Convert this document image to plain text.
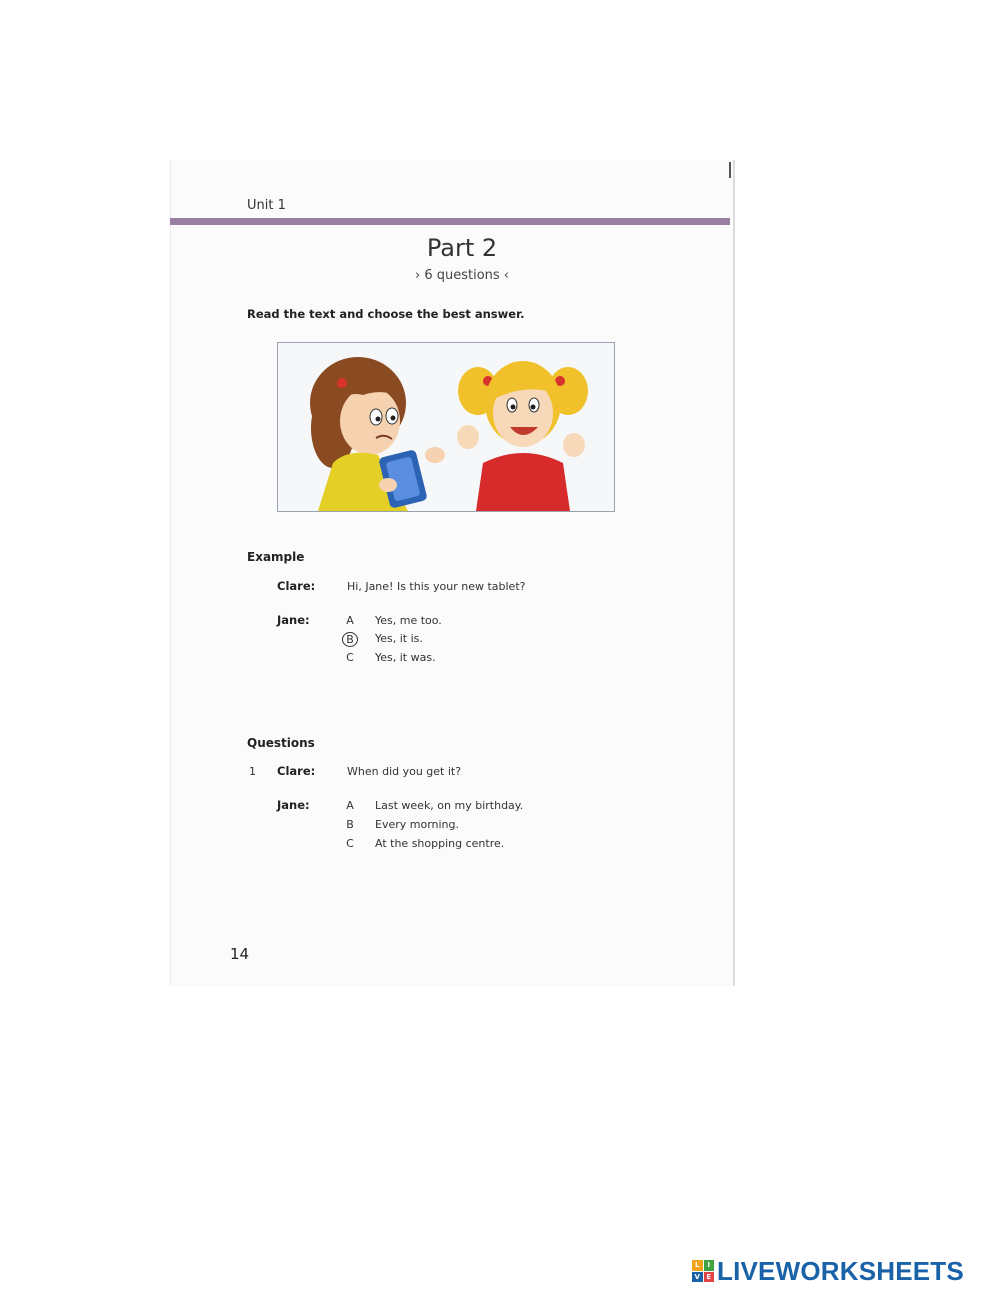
Unit 1
Part 2
› 6 questions ‹
Read the text and choose the best answer.
Example
Clare:	Hi, Jane! Is this your new tablet?
Jane:	A	Yes, me too.
B	Yes, it is.
C	Yes, it was.
Questions
1 Clare:	When did you get it?
Jane:	A	Last week, on my birthday.
B	Every morning.
C	At the shopping centre.
14
L	I
V E LIVEWORKSHEETS
